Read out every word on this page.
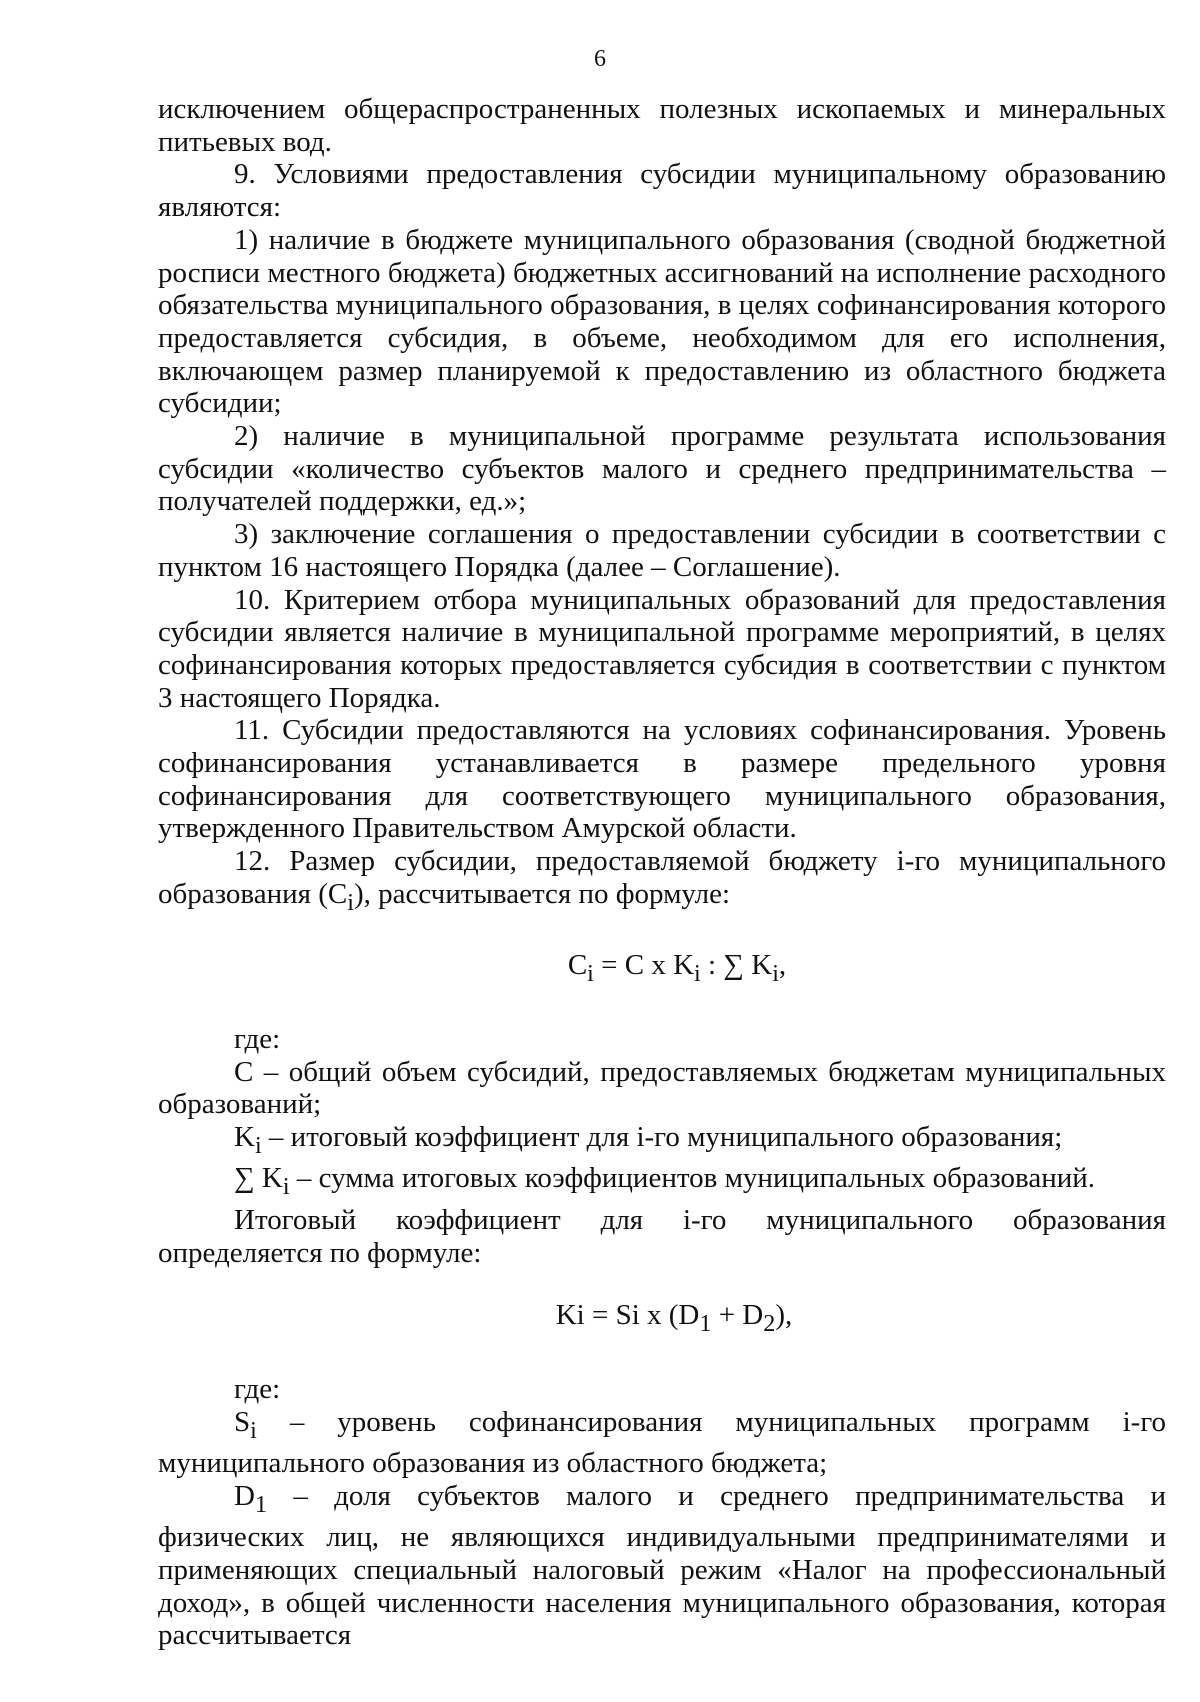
6

исключением общераспространенных полезных ископаемых и минеральных питьевых вод.

9. Условиями предоставления субсидии муниципальному образованию являются:

1) наличие в бюджете муниципального образования (сводной бюджетной росписи местного бюджета) бюджетных ассигнований на исполнение расходного обязательства муниципального образования, в целях софинансирования которого предоставляется субсидия, в объеме, необходимом для его исполнения, включающем размер планируемой к предоставлению из областного бюджета субсидии;

2) наличие в муниципальной программе результата использования субсидии «количество субъектов малого и среднего предпринимательства – получателей поддержки, ед.»;

3) заключение соглашения о предоставлении субсидии в соответствии с пунктом 16 настоящего Порядка (далее – Соглашение).

10. Критерием отбора муниципальных образований для предоставления субсидии является наличие в муниципальной программе мероприятий, в целях софинансирования которых предоставляется субсидия в соответствии с пунктом 3 настоящего Порядка.

11. Субсидии предоставляются на условиях софинансирования. Уровень софинансирования устанавливается в размере предельного уровня софинансирования для соответствующего муниципального образования, утвержденного Правительством Амурской области.

12. Размер субсидии, предоставляемой бюджету i-го муниципального образования $(C_i)$, рассчитывается по формуле:

$C_i = C$ x $K_i$ : ∑ $K_i$,

где:

C – общий объем субсидий, предоставляемых бюджетам муниципальных образований;

$K_i$ – итоговый коэффициент для i-го муниципального образования;

∑ $K_i$ – сумма итоговых коэффициентов муниципальных образований.

Итоговый коэффициент для i-го муниципального образования определяется по формуле:

Ki = Si x $(D_1 + D_2)$,

где:

$S_i$ – уровень софинансирования муниципальных программ i-го муниципального образования из областного бюджета;

$D_1$ – доля субъектов малого и среднего предпринимательства и физических лиц, не являющихся индивидуальными предпринимателями и применяющих специальный налоговый режим «Налог на профессиональный доход», в общей численности населения муниципального образования, которая рассчитывается
